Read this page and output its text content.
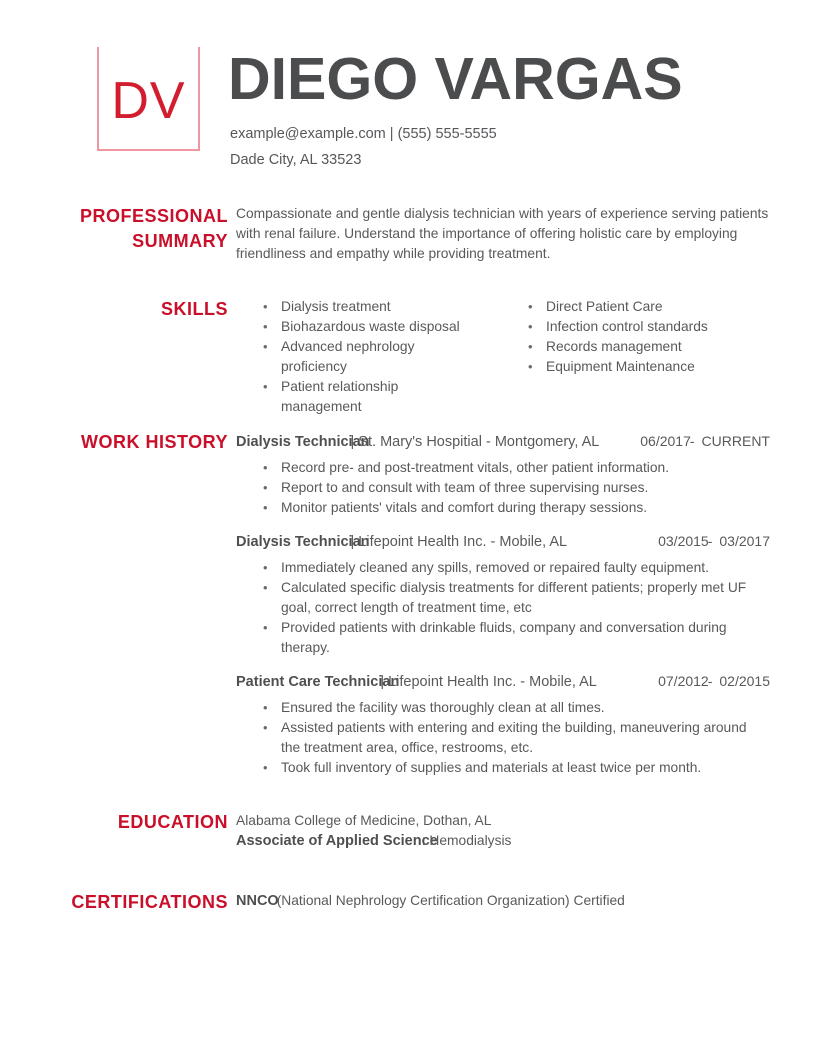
DV DIEGO VARGAS
example@example.com | (555) 555-5555
Dade City, AL 33523
PROFESSIONAL
SUMMARY

Compassionate and gentle dialysis technician with years of experience serving patients with renal failure. Understand the importance of offering holistic care by employing friendliness and empathy while providing treatment.

SKILLS	• Dialysis treatment
• Biohazardous waste disposal
• Advanced nephrology proficiency
• Patient relationship management
• Direct Patient Care
• Infection control standards
• Records management
• Equipment Maintenance
WORK HISTORY Dialysis Technician| St. Mary's Hospitial - Montgomery, AL	06/2017- CURRENT
• Record pre- and post-treatment vitals, other patient information.
• Report to and consult with team of three supervising nurses.
• Monitor patients' vitals and comfort during therapy sessions.
Dialysis Technician| Lifepoint Health Inc. - Mobile, AL	03/2015- 03/2017
• Immediately cleaned any spills, removed or repaired faulty equipment.
• Calculated specific dialysis treatments for different patients; properly met UF goal, correct length of treatment time, etc
• Provided patients with drinkable fluids, company and conversation during therapy.
Patient Care Technician| Lifepoint Health Inc. - Mobile, AL	07/2012- 02/2015
• Ensured the facility was thoroughly clean at all times.
• Assisted patients with entering and exiting the building, maneuvering around the treatment area, office, restrooms, etc.
• Took full inventory of supplies and materials at least twice per month.
EDUCATION Alabama College of Medicine, Dothan, AL
Associate of Applied Science: Hemodialysis
CERTIFICATIONS NNCO(National Nephrology Certification Organization) Certified
